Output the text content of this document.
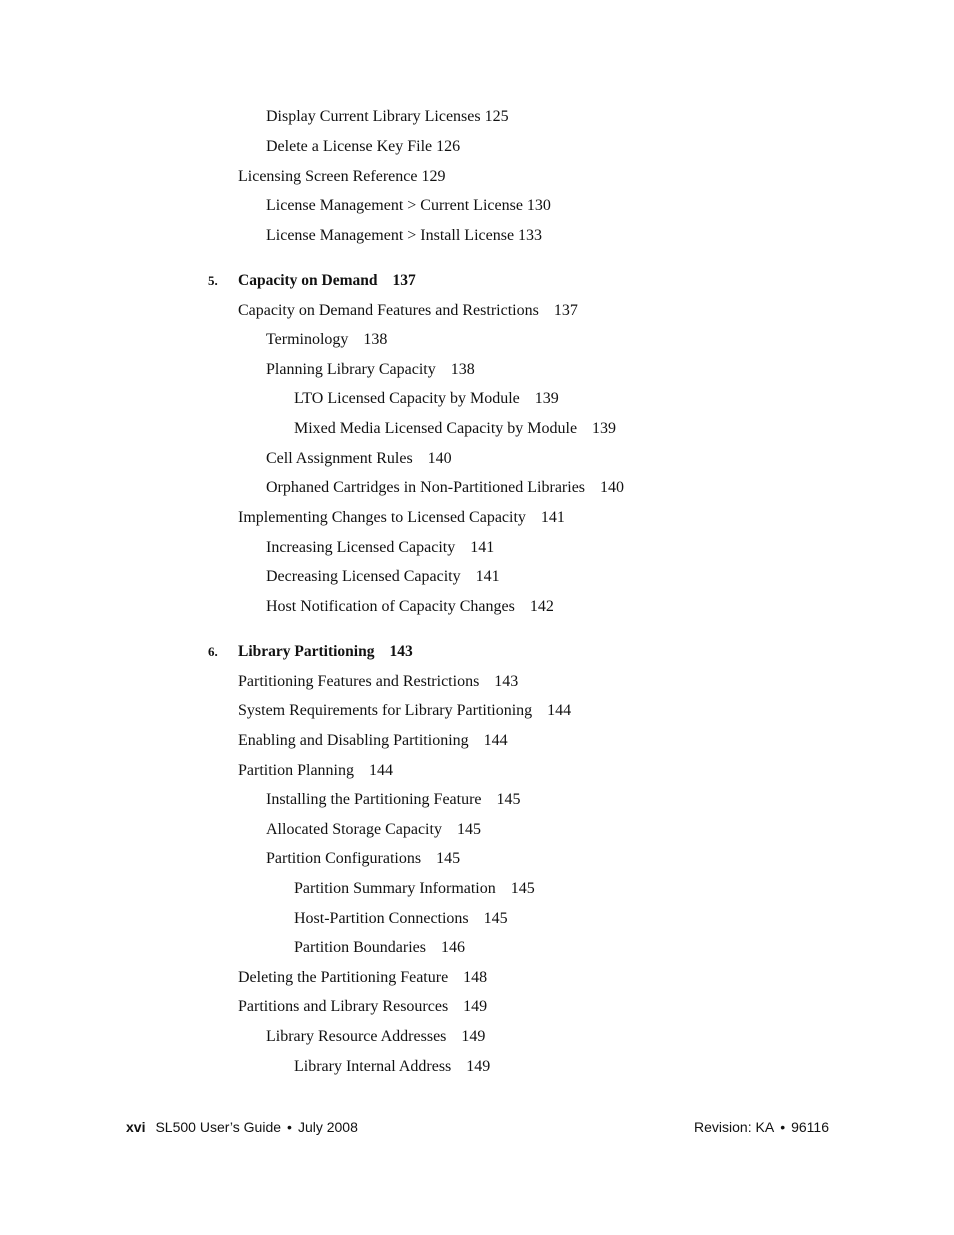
Display Current Library Licenses 125
Delete a License Key File 126
Licensing Screen Reference 129
License Management > Current License 130
License Management > Install License 133
5. Capacity on Demand 137
Capacity on Demand Features and Restrictions 137
Terminology 138
Planning Library Capacity 138
LTO Licensed Capacity by Module 139
Mixed Media Licensed Capacity by Module 139
Cell Assignment Rules 140
Orphaned Cartridges in Non-Partitioned Libraries 140
Implementing Changes to Licensed Capacity 141
Increasing Licensed Capacity 141
Decreasing Licensed Capacity 141
Host Notification of Capacity Changes 142
6. Library Partitioning 143
Partitioning Features and Restrictions 143
System Requirements for Library Partitioning 144
Enabling and Disabling Partitioning 144
Partition Planning 144
Installing the Partitioning Feature 145
Allocated Storage Capacity 145
Partition Configurations 145
Partition Summary Information 145
Host-Partition Connections 145
Partition Boundaries 146
Deleting the Partitioning Feature 148
Partitions and Library Resources 149
Library Resource Addresses 149
Library Internal Address 149
xvi SL500 User’s Guide • July 2008	Revision: KA • 96116
